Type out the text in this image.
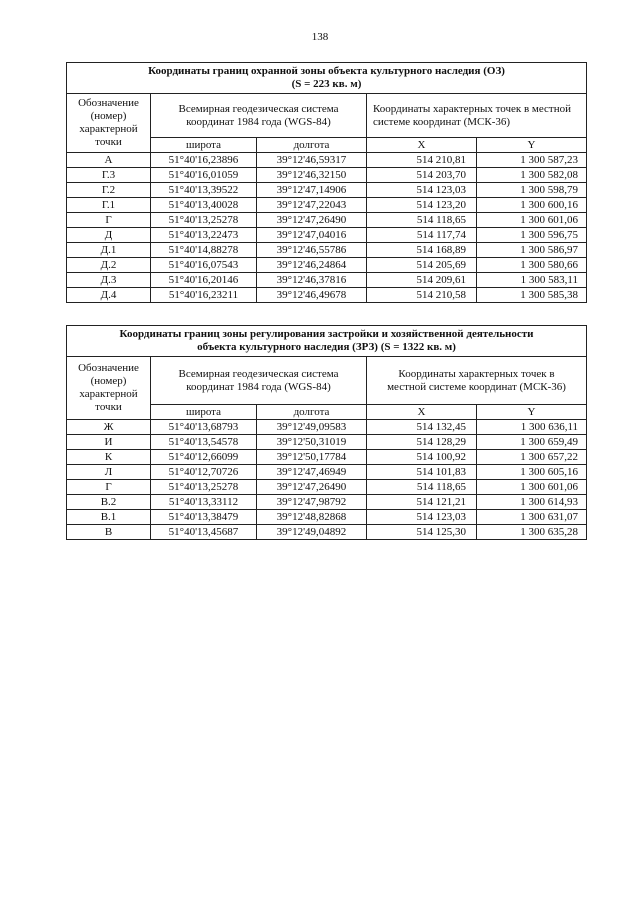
138
Координаты границ охранной зоны объекта культурного наследия (ОЗ)
(S = 223 кв. м)				

Обозначение (номер) характерной точки	Всемирная геодезическая система координат 1984 года (WGS-84)		Координаты характерных точек в местной системе координат (МСК-36)	
	широта	долгота	X	Y
А	51°40'16,23896	39°12'46,59317	514 210,81	1 300 587,23
Г.3	51°40'16,01059	39°12'46,32150	514 203,70	1 300 582,08
Г.2	51°40'13,39522	39°12'47,14906	514 123,03	1 300 598,79
Г.1	51°40'13,40028	39°12'47,22043	514 123,20	1 300 600,16
Г	51°40'13,25278	39°12'47,26490	514 118,65	1 300 601,06
Д	51°40'13,22473	39°12'47,04016	514 117,74	1 300 596,75
Д.1	51°40'14,88278	39°12'46,55786	514 168,89	1 300 586,97
Д.2	51°40'16,07543	39°12'46,24864	514 205,69	1 300 580,66
Д.3	51°40'16,20146	39°12'46,37816	514 209,61	1 300 583,11
Д.4	51°40'16,23211	39°12'46,49678	514 210,58	1 300 585,38
Координаты границ зоны регулирования застройки и хозяйственной деятельности
объекта культурного наследия (ЗРЗ) (S = 1322 кв. м)				

Обозначение (номер) характерной точки	Всемирная геодезическая система координат 1984 года (WGS-84)		Координаты характерных точек в местной системе координат (МСК-36)	
	широта	долгота	X	Y
Ж	51°40'13,68793	39°12'49,09583	514 132,45	1 300 636,11
И	51°40'13,54578	39°12'50,31019	514 128,29	1 300 659,49
К	51°40'12,66099	39°12'50,17784	514 100,92	1 300 657,22
Л	51°40'12,70726	39°12'47,46949	514 101,83	1 300 605,16
Г	51°40'13,25278	39°12'47,26490	514 118,65	1 300 601,06
В.2	51°40'13,33112	39°12'47,98792	514 121,21	1 300 614,93
В.1	51°40'13,38479	39°12'48,82868	514 123,03	1 300 631,07
В	51°40'13,45687	39°12'49,04892	514 125,30	1 300 635,28
